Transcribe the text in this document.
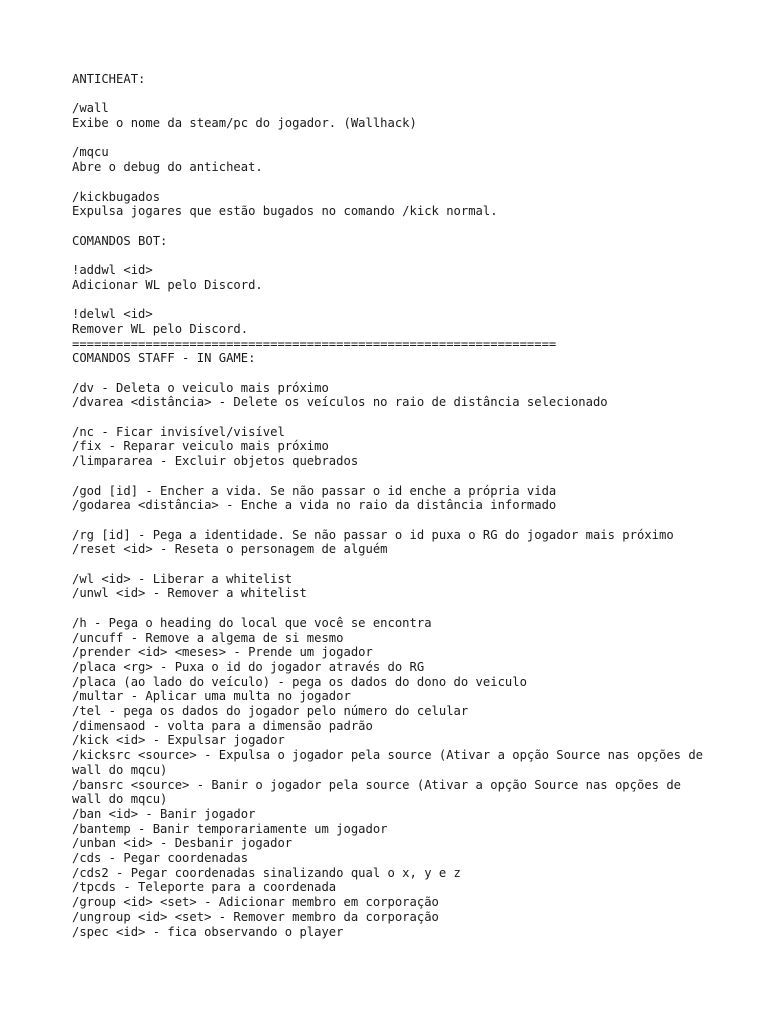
ANTICHEAT:
/wall
Exibe o nome da steam/pc do jogador. (Wallhack)
/mqcu
Abre o debug do anticheat.
/kickbugados
Expulsa jogares que estão bugados no comando /kick normal.
COMANDOS BOT:
!addwl <id>
Adicionar WL pelo Discord.
!delwl <id>
Remover WL pelo Discord.
==================================================================
COMANDOS STAFF - IN GAME:
/dv - Deleta o veiculo mais próximo
/dvarea <distância> - Delete os veículos no raio de distância selecionado
/nc - Ficar invisível/visível
/fix - Reparar veiculo mais próximo
/limpararea - Excluir objetos quebrados
/god [id] - Encher a vida. Se não passar o id enche a própria vida
/godarea <distância> - Enche a vida no raio da distância informado
/rg [id] - Pega a identidade. Se não passar o id puxa o RG do jogador mais próximo
/reset <id> - Reseta o personagem de alguém
/wl <id> - Liberar a whitelist
/unwl <id> - Remover a whitelist
/h - Pega o heading do local que você se encontra
/uncuff - Remove a algema de si mesmo
/prender <id> <meses> - Prende um jogador
/placa <rg> - Puxa o id do jogador através do RG
/placa (ao lado do veículo) - pega os dados do dono do veiculo
/multar - Aplicar uma multa no jogador
/tel - pega os dados do jogador pelo número do celular
/dimensaod - volta para a dimensão padrão
/kick <id> - Expulsar jogador
/kicksrc <source> - Expulsa o jogador pela source (Ativar a opção Source nas opções de wall do mqcu)
/bansrc <source> - Banir o jogador pela source (Ativar a opção Source nas opções de wall do mqcu)
/ban <id> - Banir jogador
/bantemp - Banir temporariamente um jogador
/unban <id> - Desbanir jogador
/cds - Pegar coordenadas
/cds2 - Pegar coordenadas sinalizando qual o x, y e z
/tpcds - Teleporte para a coordenada
/group <id> <set> - Adicionar membro em corporação
/ungroup <id> <set> - Remover membro da corporação
/spec <id> - fica observando o player
